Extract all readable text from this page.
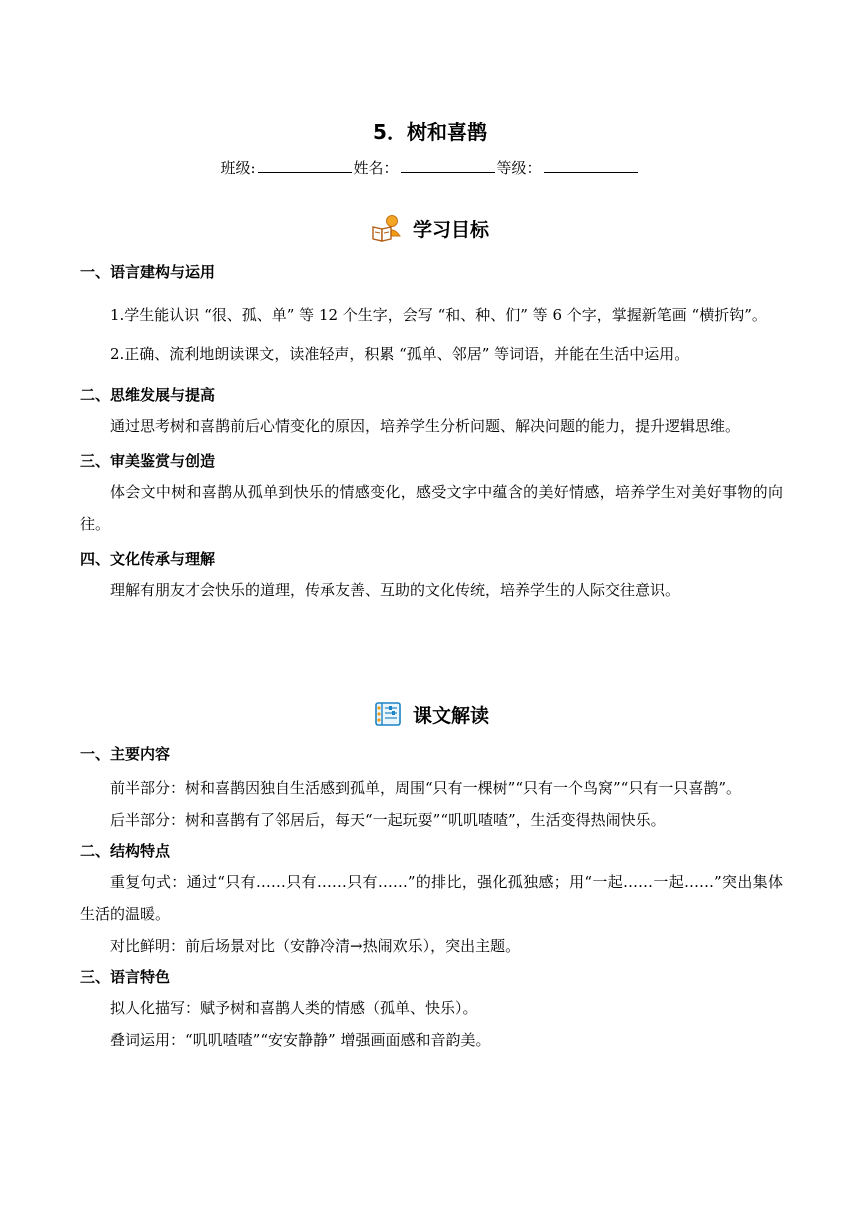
5．树和喜鹊
班级:	姓名：	等级：
学习目标

一、语言建构与运用

1.学生能认识 “很、孤、单” 等 12 个生字，会写 “和、种、们” 等 6 个字，掌握新笔画 “横折钩”。

2.正确、流利地朗读课文，读准轻声，积累 “孤单、邻居” 等词语，并能在生活中运用。

二、思维发展与提高

通过思考树和喜鹊前后心情变化的原因，培养学生分析问题、解决问题的能力，提升逻辑思维。

三、审美鉴赏与创造

体会文中树和喜鹊从孤单到快乐的情感变化，感受文字中蕴含的美好情感，培养学生对美好事物的向往。

四、文化传承与理解

理解有朋友才会快乐的道理，传承友善、互助的文化传统，培养学生的人际交往意识。

课文解读

一、主要内容

前半部分：树和喜鹊因独自生活感到孤单，周围“只有一棵树”“只有一个鸟窝”“只有一只喜鹊”。

后半部分：树和喜鹊有了邻居后，每天“一起玩耍”“叽叽喳喳”，生活变得热闹快乐。

二、结构特点

重复句式：通过“只有……只有……只有……”的排比，强化孤独感；用“一起……一起……”突出集体生活的温暖。

对比鲜明：前后场景对比（安静冷清→热闹欢乐），突出主题。

三、语言特色

拟人化描写：赋予树和喜鹊人类的情感（孤单、快乐）。

叠词运用：“叽叽喳喳”“安安静静” 增强画面感和音韵美。
